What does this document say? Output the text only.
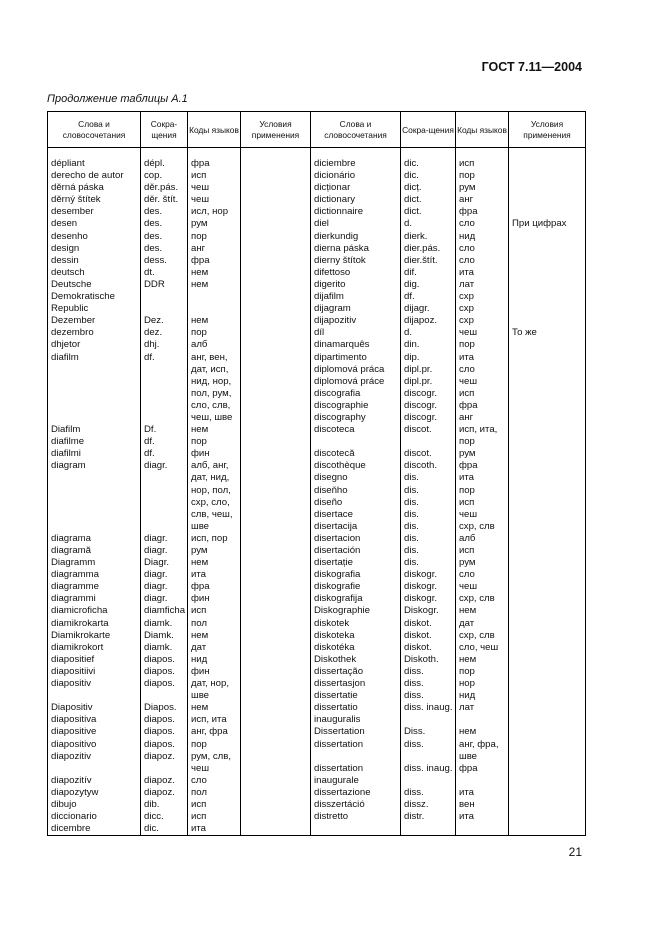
ГОСТ 7.11—2004
Продолжение таблицы А.1
Слова и словосочетания	Сокра-щения	Коды языков	Условия применения	Слова и словосочетания	Сокра-щения	Коды языков	Условия применения

dépliant	dépl.	фра		diciembre	dic.	исп	
derecho de autor	cop.	исп		dicionário	dic.	пор	
děrná páska	děr.pás.	чеш		dicționar	dicț.	рум	
děrný štítek	děr. štít.	чеш		dictionary	dict.	анг	
desember	des.	исл, нор		dictionnaire	dict.	фра	
desen	des.	рум		diel	d.	сло	При цифрах
desenho	des.	пор		dierkundig	dierk.	нид	
design	des.	анг		dierna páska	dier.pás.	сло	
dessin	dess.	фра		dierny štítok	dier.štít.	сло	
deutsch	dt.	нем		difettoso	dif.	ита	
Deutsche	DDR	нем		digerito	dig.	лат	
Demokratische				dijafilm	df.	схр	
Republic				dijagram	dijagr.	схр	
Dezember	Dez.	нем		dijapozitiv	dijapoz.	схр	
dezembro	dez.	пор		díl	d.	чеш	То же
dhjetor	dhj.	алб		dinamarquês	din.	пор	
diafilm	df.	анг, вен,		dipartimento	dip.	ита	
		дат, исп,		diplomová práca	dipl.pr.	сло	
		нид, нор,		diplomová práce	dipl.pr.	чеш	
		пол, рум,		discografia	discogr.	исп	
		сло, слв,		discographie	discogr.	фра	
		чеш, шве		discography	discogr.	анг	
Diafilm	Df.	нем		discoteca	discot.	исп, ита,	
diafilme	df.	пор				пор	
diafilmi	df.	фин		discotecă	discot.	рум	
diagram	diagr.	алб, анг,		discothèque	discoth.	фра	
		дат, нид,		disegno	dis.	ита	
		нор, пол,		diseňho	dis.	пор	
		схр, сло,		diseño	dis.	исп	
		слв, чеш,		disertace	dis.	чеш	
		шве		disertacija	dis.	схр, слв	
diagrama	diagr.	исп, пор		disertacion	dis.	алб	
diagramă	diagr.	рум		disertación	dis.	исп	
Diagramm	Diagr.	нем		disertație	dis.	рум	
diagramma	diagr.	ита		diskografia	diskogr.	сло	
diagramme	diagr.	фра		diskografie	diskogr.	чеш	
diagrammi	diagr.	фин		diskografija	diskogr.	схр, слв	
diamicroficha	diamficha	исп		Diskographie	Diskogr.	нем	
diamikrokarta	diamk.	пол		diskotek	diskot.	дат	
Diamikrokarte	Diamk.	нем		diskoteka	diskot.	схр, слв	
diamikrokort	diamk.	дат		diskotéka	diskot.	сло, чеш	
diapositief	diapos.	нид		Diskothek	Diskoth.	нем	
diapositiivi	diapos.	фин		dissertação	diss.	пор	
diapositiv	diapos.	дат, нор,		dissertasjon	diss.	нор	
		шве		dissertatie	diss.	нид	
Diapositiv	Diapos.	нем		dissertatio	diss. inaug.	лат	
diapositiva	diapos.	исп, ита		inauguralis			
diapositive	diapos.	анг, фра		Dissertation	Diss.	нем	
diapositivo	diapos.	пор		dissertation	diss.	анг, фра,	
diapozitiv	diapoz.	рум, слв,				шве	
		чеш		dissertation	diss. inaug.	фра	
diapozitív	diapoz.	сло		inaugurale			
diapozytyw	diapoz.	пол		dissertazione	diss.	ита	
dibujo	dib.	исп		disszertáció	dissz.	вен	
diccionario	dicc.	исп		distretto	distr.	ита	
dicembre	dic.	ита					
21
